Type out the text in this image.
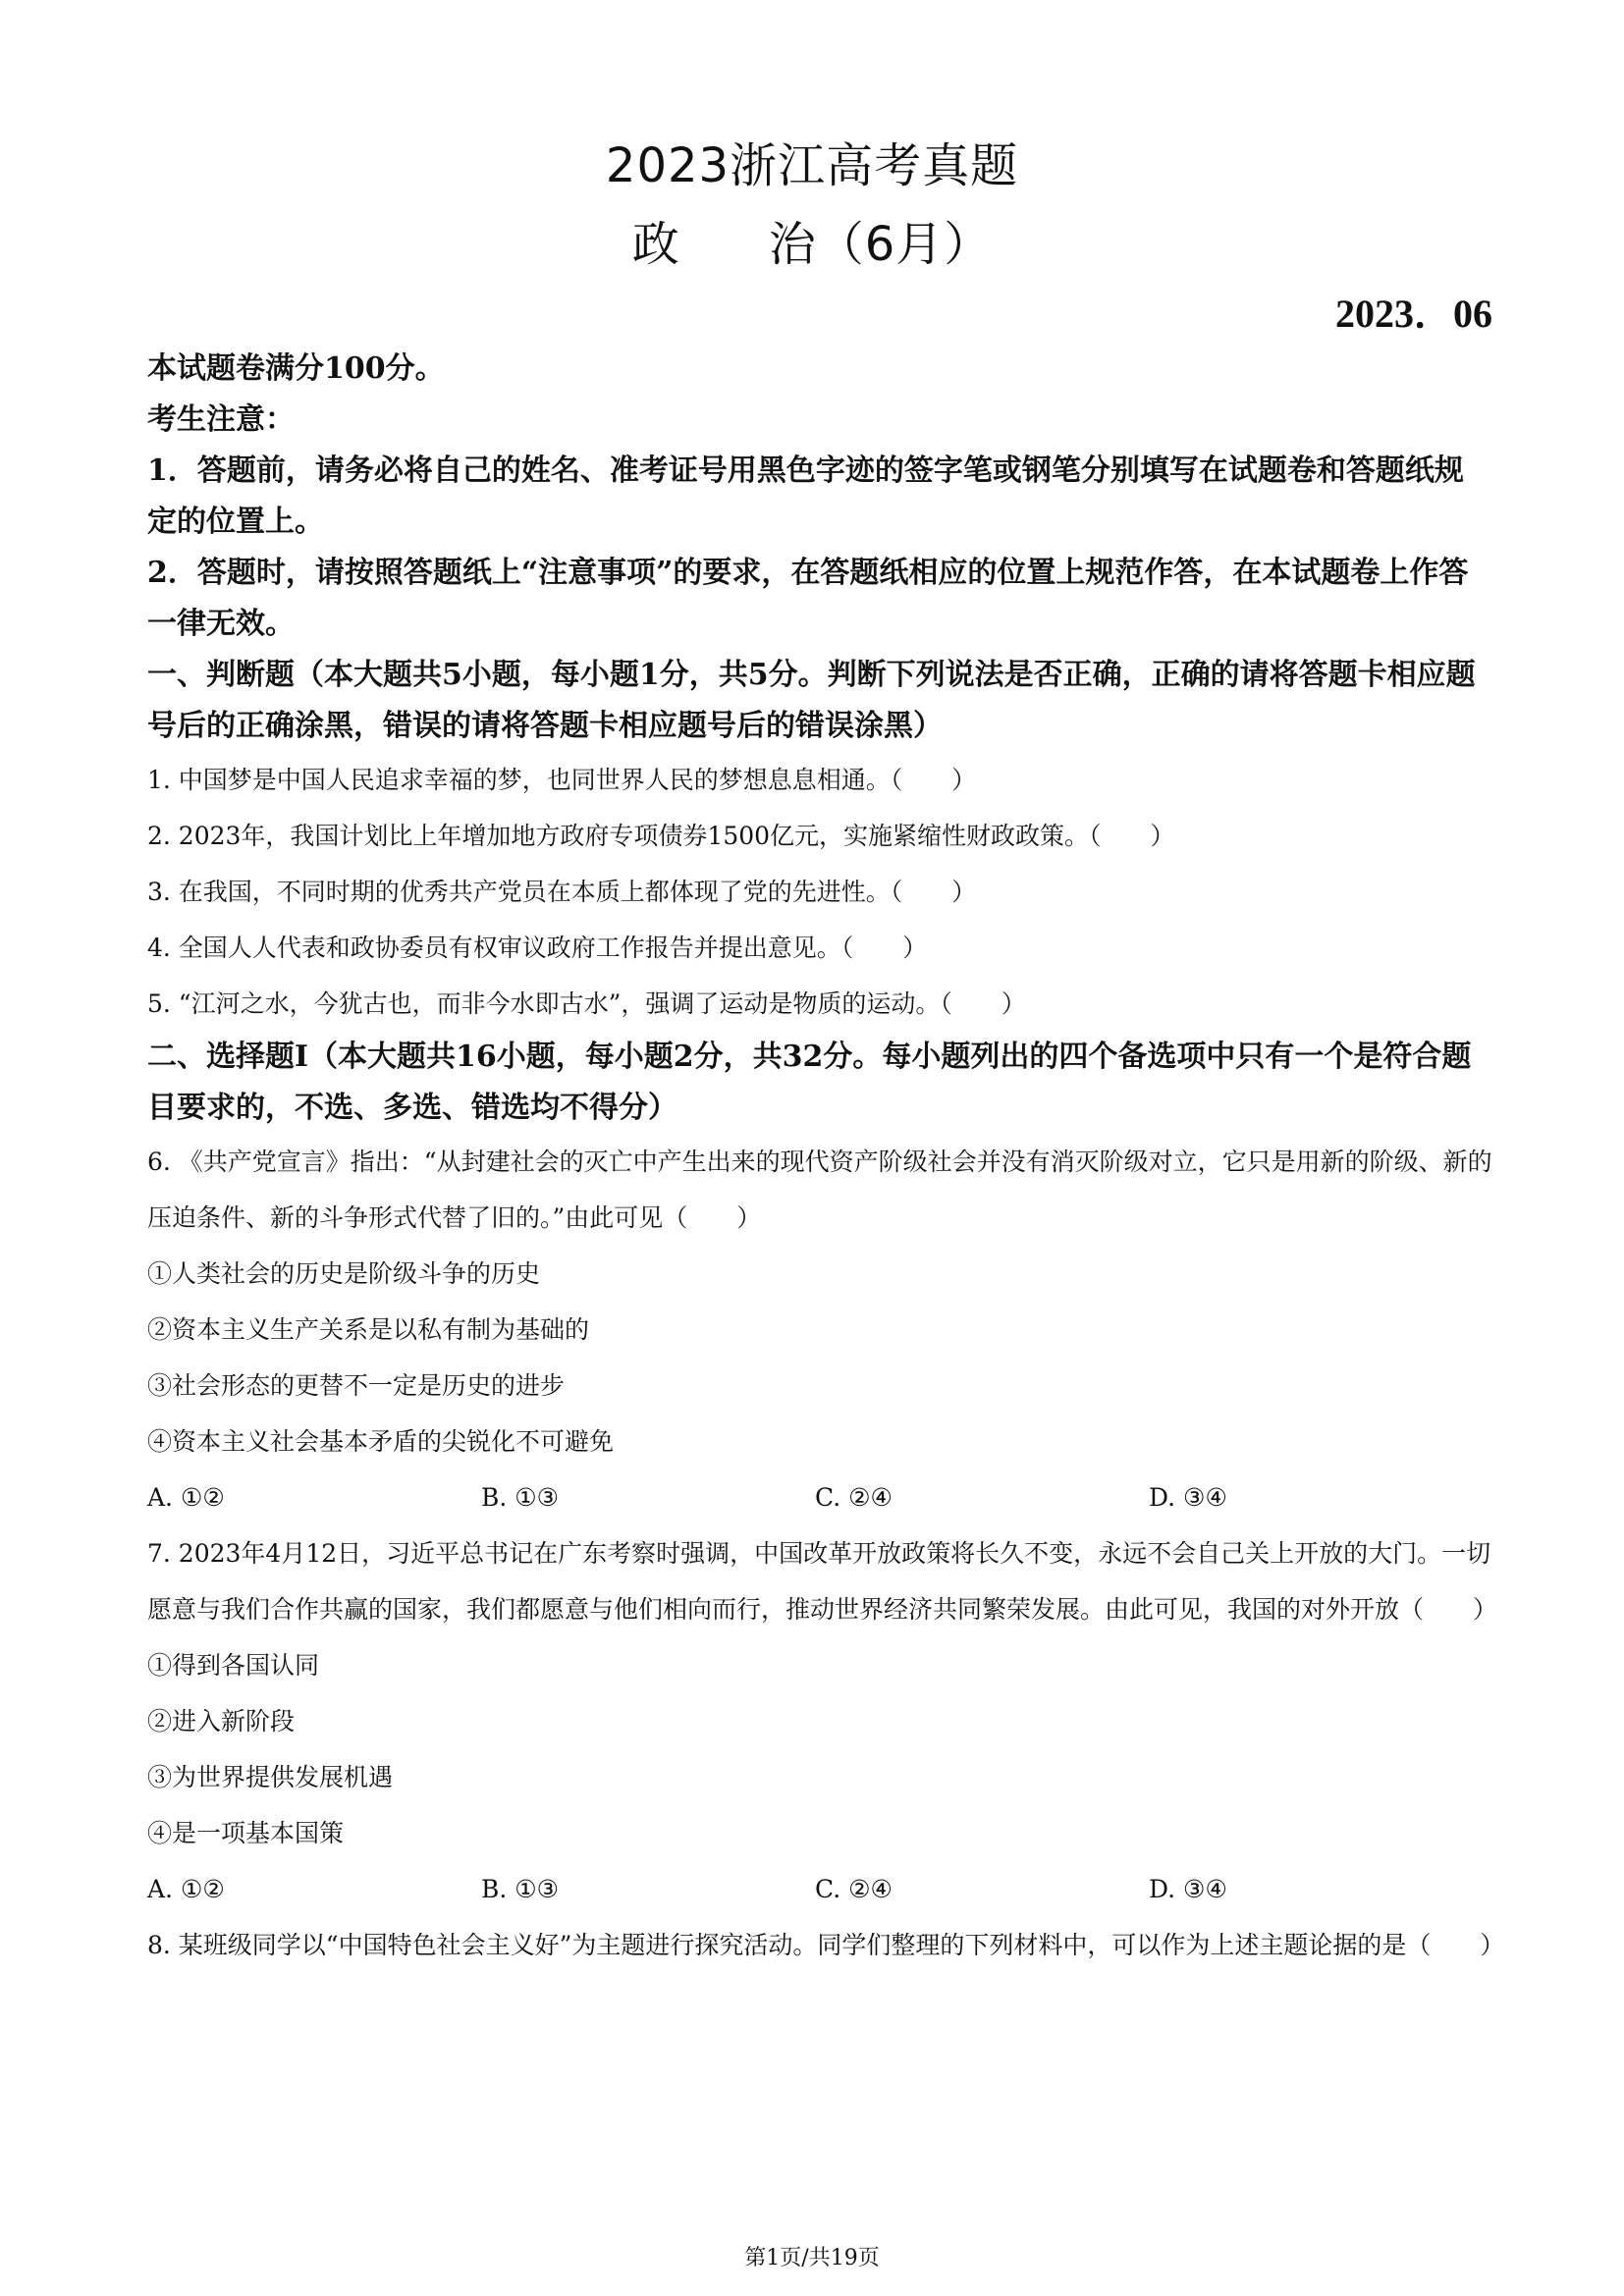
2023浙江高考真题
政 治（6月）
2023．06
本试题卷满分100分。
考生注意：
1．答题前，请务必将自己的姓名、准考证号用黑色字迹的签字笔或钢笔分别填写在试题卷和答题纸规定的位置上。
2．答题时，请按照答题纸上“注意事项”的要求，在答题纸相应的位置上规范作答，在本试题卷上作答一律无效。
一、判断题（本大题共5小题，每小题1分，共5分。判断下列说法是否正确，正确的请将答题卡相应题号后的正确涂黑，错误的请将答题卡相应题号后的错误涂黑）
1. 中国梦是中国人民追求幸福的梦，也同世界人民的梦想息息相通。（　　）
2. 2023年，我国计划比上年增加地方政府专项债券1500亿元，实施紧缩性财政政策。（　　）
3. 在我国，不同时期的优秀共产党员在本质上都体现了党的先进性。（　　）
4. 全国人人代表和政协委员有权审议政府工作报告并提出意见。（　　）
5. “江河之水，今犹古也，而非今水即古水”，强调了运动是物质的运动。（　　）
二、选择题Ⅰ（本大题共16小题，每小题2分，共32分。每小题列出的四个备选项中只有一个是符合题目要求的，不选、多选、错选均不得分）
6. 《共产党宣言》指出：“从封建社会的灭亡中产生出来的现代资产阶级社会并没有消灭阶级对立，它只是用新的阶级、新的压迫条件、新的斗争形式代替了旧的。”由此可见（　　）
①人类社会的历史是阶级斗争的历史
②资本主义生产关系是以私有制为基础的
③社会形态的更替不一定是历史的进步
④资本主义社会基本矛盾的尖锐化不可避免
A. ①②	B. ①③	C. ②④	D. ③④
7. 2023年4月12日，习近平总书记在广东考察时强调，中国改革开放政策将长久不变，永远不会自己关上开放的大门。一切愿意与我们合作共赢的国家，我们都愿意与他们相向而行，推动世界经济共同繁荣发展。由此可见，我国的对外开放（　　）
①得到各国认同
②进入新阶段
③为世界提供发展机遇
④是一项基本国策
A. ①②	B. ①③	C. ②④	D. ③④
8. 某班级同学以“中国特色社会主义好”为主题进行探究活动。同学们整理的下列材料中，可以作为上述主题论据的是（　　）
第1页/共19页
